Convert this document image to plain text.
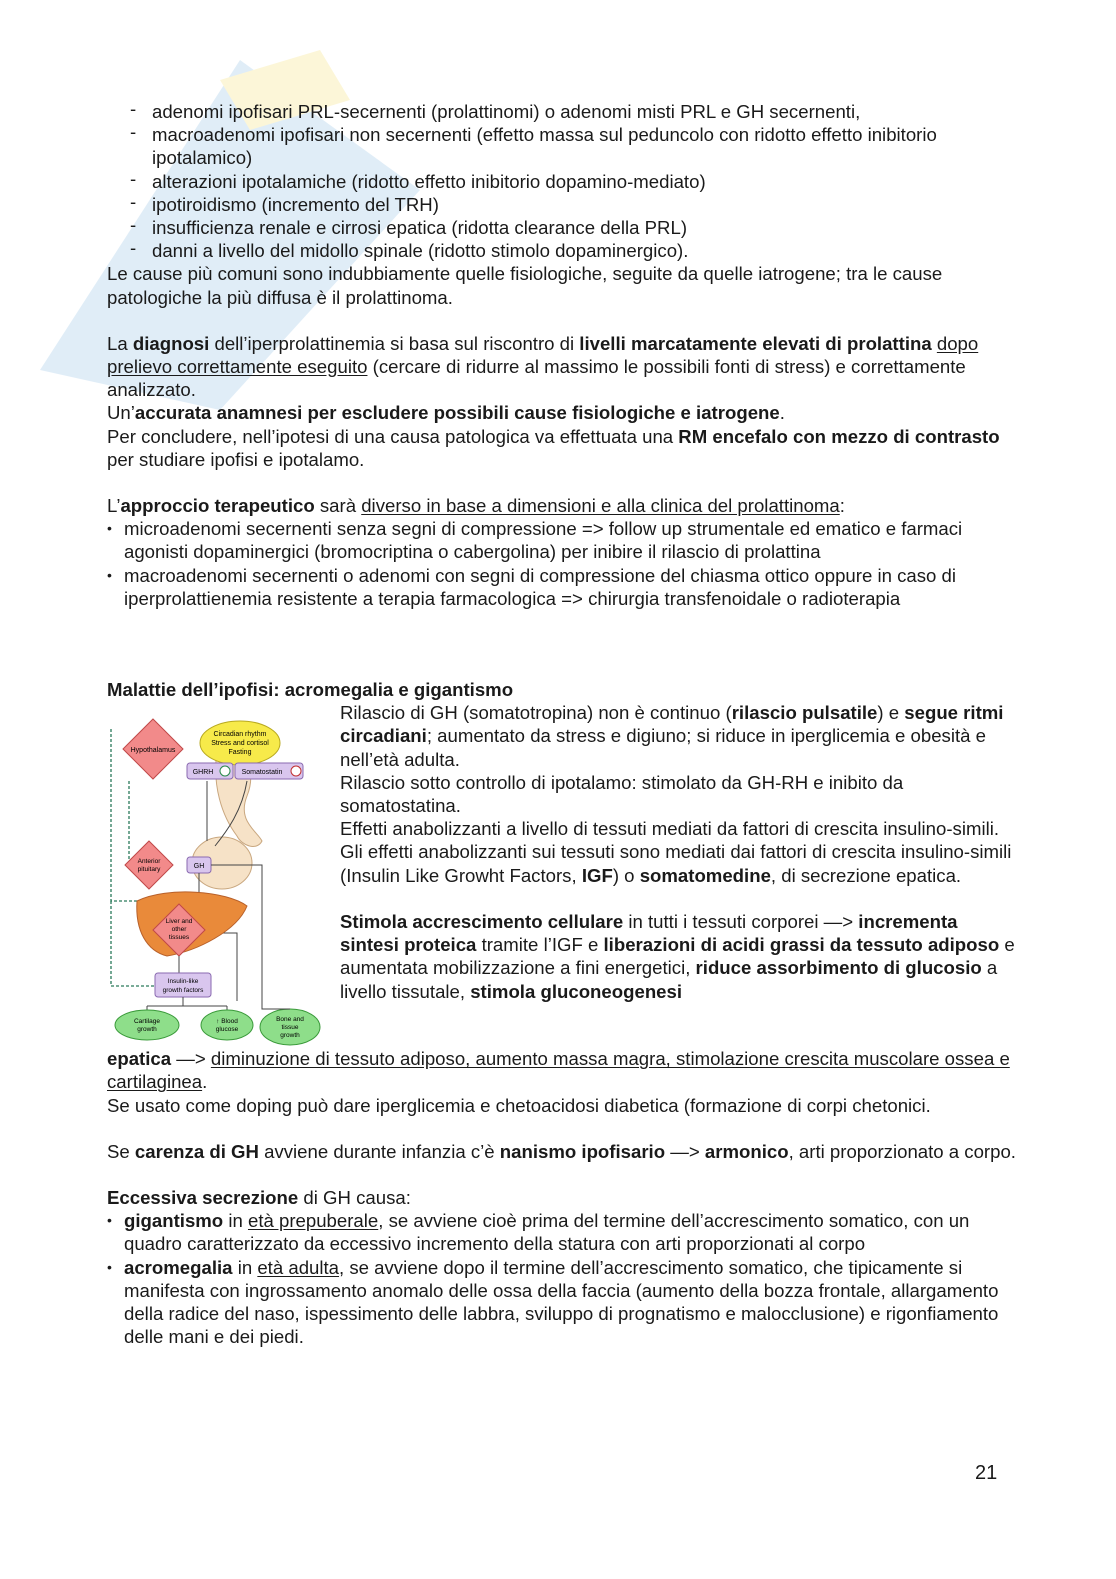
- adenomi ipofisari PRL-secernenti (prolattinomi) o adenomi misti PRL e GH secernenti,
- macroadenomi ipofisari non secernenti (effetto massa sul peduncolo con ridotto effetto inibitorio ipotalamico)
- alterazioni ipotalamiche (ridotto effetto inibitorio dopamino-mediato)
- ipotiroidismo (incremento del TRH)
- insufficienza renale e cirrosi epatica (ridotta clearance della PRL)
- danni a livello del midollo spinale (ridotto stimolo dopaminergico).

Le cause più comuni sono indubbiamente quelle fisiologiche, seguite da quelle iatrogene; tra le cause patologiche la più diffusa è il prolattinoma.

La diagnosi dell’iperprolattinemia si basa sul riscontro di livelli marcatamente elevati di prolattina dopo prelievo correttamente eseguito (cercare di ridurre al massimo le possibili fonti di stress) e correttamente analizzato.

Un’accurata anamnesi per escludere possibili cause fisiologiche e iatrogene.

Per concludere, nell’ipotesi di una causa patologica va effettuata una RM encefalo con mezzo di contrasto per studiare ipofisi e ipotalamo.

L’approccio terapeutico sarà diverso in base a dimensioni e alla clinica del prolattinoma:

• microadenomi secernenti senza segni di compressione => follow up strumentale ed ematico e farmaci agonisti dopaminergici (bromocriptina o cabergolina) per inibire il rilascio di prolattina
• macroadenomi secernenti o adenomi con segni di compressione del chiasma ottico oppure in caso di iperprolattienemia resistente a terapia farmacologica => chirurgia transfenoidale o radioterapia

Malattie dell’ipofisi: acromegalia e gigantismo

Circadian rhythm
Stress and cortisol
Fasting
Hypothalamus
GHRH	Somatostatin
Anterior
pituitary	GH
Liver and
other
tissues
Insulin-like
growth factors
Cartilage
growth
↑ Blood
glucose
Bone and
tissue
growth

Rilascio di GH (somatotropina) non è continuo (rilascio pulsatile) e segue ritmi circadiani; aumentato da stress e digiuno; si riduce in iperglicemia e obesità e nell’età adulta.

Rilascio sotto controllo di ipotalamo: stimolato da GH-RH e inibito da somatostatina.

Effetti anabolizzanti a livello di tessuti mediati da fattori di crescita insulino-simili.

Gli effetti anabolizzanti sui tessuti sono mediati dai fattori di crescita insulino-simili (Insulin Like Growht Factors, IGF) o somatomedine, di secrezione epatica.

Stimola accrescimento cellulare in tutti i tessuti corporei —> incrementa sintesi proteica tramite l’IGF e liberazioni di acidi grassi da tessuto adiposo e aumentata mobilizzazione a fini energetici, riduce assorbimento di glucosio a livello tissutale, stimola gluconeogenesi

epatica —> diminuzione di tessuto adiposo, aumento massa magra, stimolazione crescita muscolare ossea e cartilaginea.

Se usato come doping può dare iperglicemia e chetoacidosi diabetica (formazione di corpi chetonici.

Se carenza di GH avviene durante infanzia c’è nanismo ipofisario —> armonico, arti proporzionato a corpo.

Eccessiva secrezione di GH causa:

• gigantismo in età prepuberale, se avviene cioè prima del termine dell’accrescimento somatico, con un quadro caratterizzato da eccessivo incremento della statura con arti proporzionati al corpo
• acromegalia in età adulta, se avviene dopo il termine dell’accrescimento somatico, che tipicamente si manifesta con ingrossamento anomalo delle ossa della faccia (aumento della bozza frontale, allargamento della radice del naso, ispessimento delle labbra, sviluppo di prognatismo e malocclusione) e rigonfiamento delle mani e dei piedi.
21
